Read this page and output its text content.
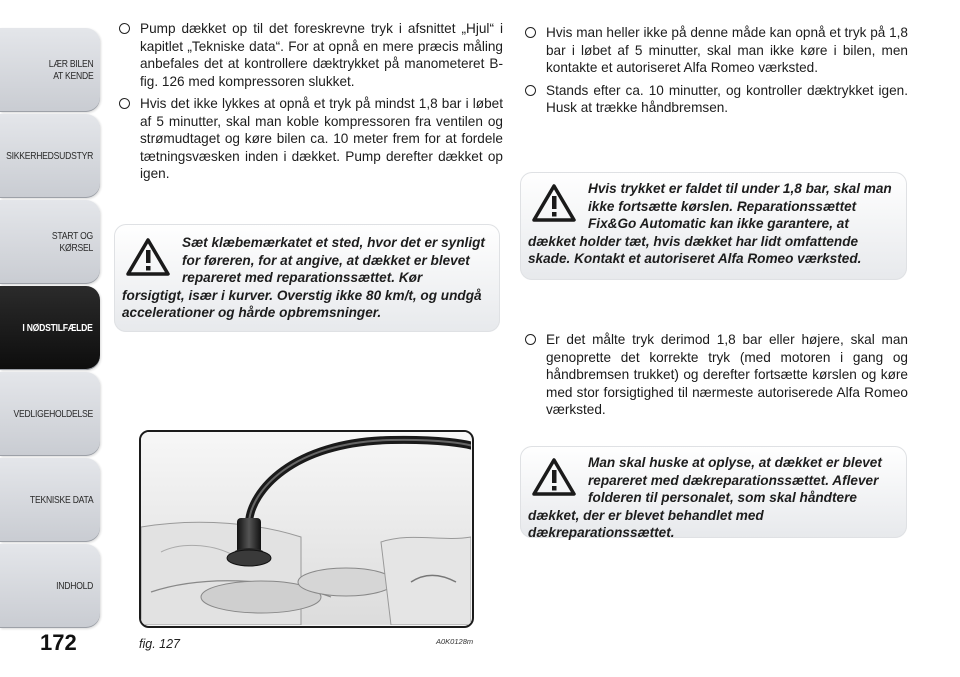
LÆR BILEN
AT KENDE
SIKKERHEDSUDSTYR
START OG KØRSEL
I NØDSTILFÆLDE
VEDLIGEHOLDELSE
TEKNISKE DATA
INDHOLD
172
Pump dækket op til det foreskrevne tryk i afsnittet „Hjul“ i kapitlet „Tekniske data“. For at opnå en mere præcis måling anbefales det at kontrollere dæktrykket på manometeret B-fig. 126 med kompressoren slukket.
Hvis det ikke lykkes at opnå et tryk på mindst 1,8 bar i løbet af 5 minutter, skal man koble kompressoren fra ventilen og strømudtaget og køre bilen ca. 10 meter frem for at fordele tætningsvæsken inden i dækket. Pump derefter dækket op igen.
Sæt klæbemærkatet et sted, hvor det er synligt for føreren, for at angive, at dækket er blevet repareret med reparationssættet. Kør forsigtigt, især i kurver. Overstig ikke 80 km/t, og undgå accelerationer og hårde opbremsninger.
Hvis man heller ikke på denne måde kan opnå et tryk på 1,8 bar i løbet af 5 minutter, skal man ikke køre i bilen, men kontakte et autoriseret Alfa Romeo værksted.
Stands efter ca. 10 minutter, og kontroller dæktrykket igen. Husk at trække håndbremsen.
Hvis trykket er faldet til under 1,8 bar, skal man ikke fortsætte kørslen. Reparationssættet Fix&Go Automatic kan ikke garantere, at dækket holder tæt, hvis dækket har lidt omfattende skade. Kontakt et autoriseret Alfa Romeo værksted.
Er det målte tryk derimod 1,8 bar eller højere, skal man genoprette det korrekte tryk (med motoren i gang og håndbremsen trukket) og derefter fortsætte kørslen og køre med stor forsigtighed til nærmeste autoriserede Alfa Romeo værksted.
Man skal huske at oplyse, at dækket er blevet repareret med dækreparationssættet. Aflever folderen til personalet, som skal håndtere dækket, der er blevet behandlet med dækreparationssættet.
fig. 127	A0K0128m
